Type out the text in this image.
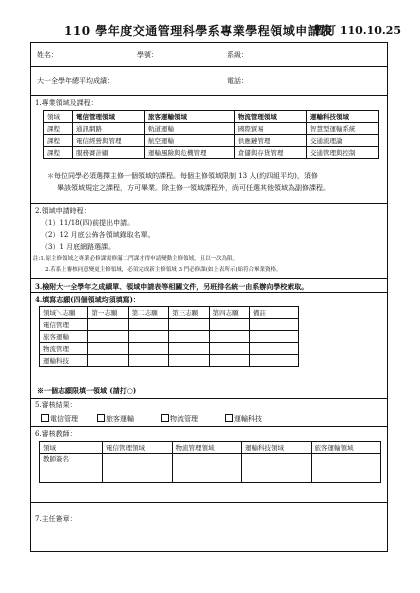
110 學年度交通管理科學系專業學程領域申請表
暫訂 110.10.25
姓名：	學號：	系級：
大一全學年總平均成績：	電話：
1.專業領域及課程：
領域	電信管理領域	旅客運輸領域	物流管理領域	運輸科技領域
課程	通訊網路	軌道運輸	國際貿易	智慧型運輸系統
課程	電信經營與管理	航空運輸	供應鏈管理	交通流理論
課程	服務賽計顧	運輸風險與危機管理	倉儲與存貨管理	交通管理與控制
＊每位同學必須選擇主修一個領域的課程。每個主修領域限制 13 人(約四組平均)，須修
畢該領域規定之課程，方可畢業。除主修一領域課程外，尚可任選其他領域為副修課程。
2.領域申請時程：
（1）11/18(四)前提出申請。
（2）12 月底公佈各領域錄取名單。
（3）1 月底網路選課。
註:1.原主修領域之專業必修課需修滿二門課才得申請變動主修領域，且以一次為限。
2.若系上審核同意變更主修領域，必須完成新主修領域 3 門必修課(如上表所示)始符合畢業資格。
3.檢附大一全學年之成績單、領域申請表等相關文件，另班排名統一由系辦向學校索取。
4.填寫志願(四個領域均須填寫)：
領域＼志願	第一志願	第二志願	第三志願	第四志願	備註
電信管理					
旅客運輸					
物流管理					
運輸科技					
※一個志願限填一領域 (請打○)
5.審核結果：
電信管理	旅客運輸	物流管理	運輸科技
6.審核教師：
領域	電信管理領域	物流管理領域	運輸科技領域	旅客運輸領域
教師簽名				
7.主任簽章：
